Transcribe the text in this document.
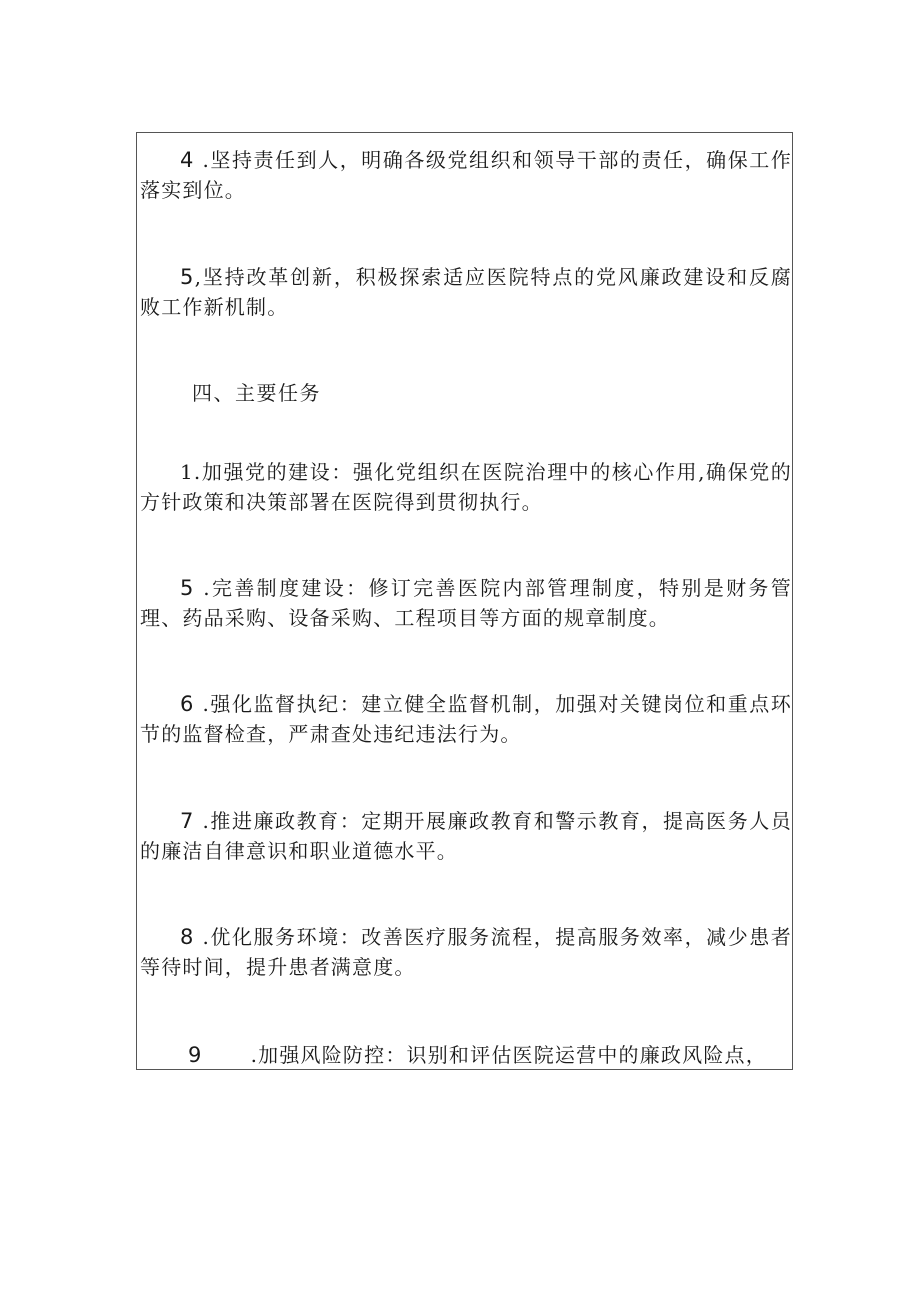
4 .坚持责任到人，明确各级党组织和领导干部的责任，确保工作落实到位。

5,坚持改革创新，积极探索适应医院特点的党风廉政建设和反腐败工作新机制。

四、主要任务

1.加强党的建设：强化党组织在医院治理中的核心作用,确保党的方针政策和决策部署在医院得到贯彻执行。

5 .完善制度建设：修订完善医院内部管理制度，特别是财务管理、药品采购、设备采购、工程项目等方面的规章制度。

6 .强化监督执纪：建立健全监督机制，加强对关键岗位和重点环节的监督检查，严肃查处违纪违法行为。

7 .推进廉政教育：定期开展廉政教育和警示教育，提高医务人员的廉洁自律意识和职业道德水平。

8 .优化服务环境：改善医疗服务流程，提高服务效率，减少患者等待时间，提升患者满意度。

9 .加强风险防控：识别和评估医院运营中的廉政风险点，
